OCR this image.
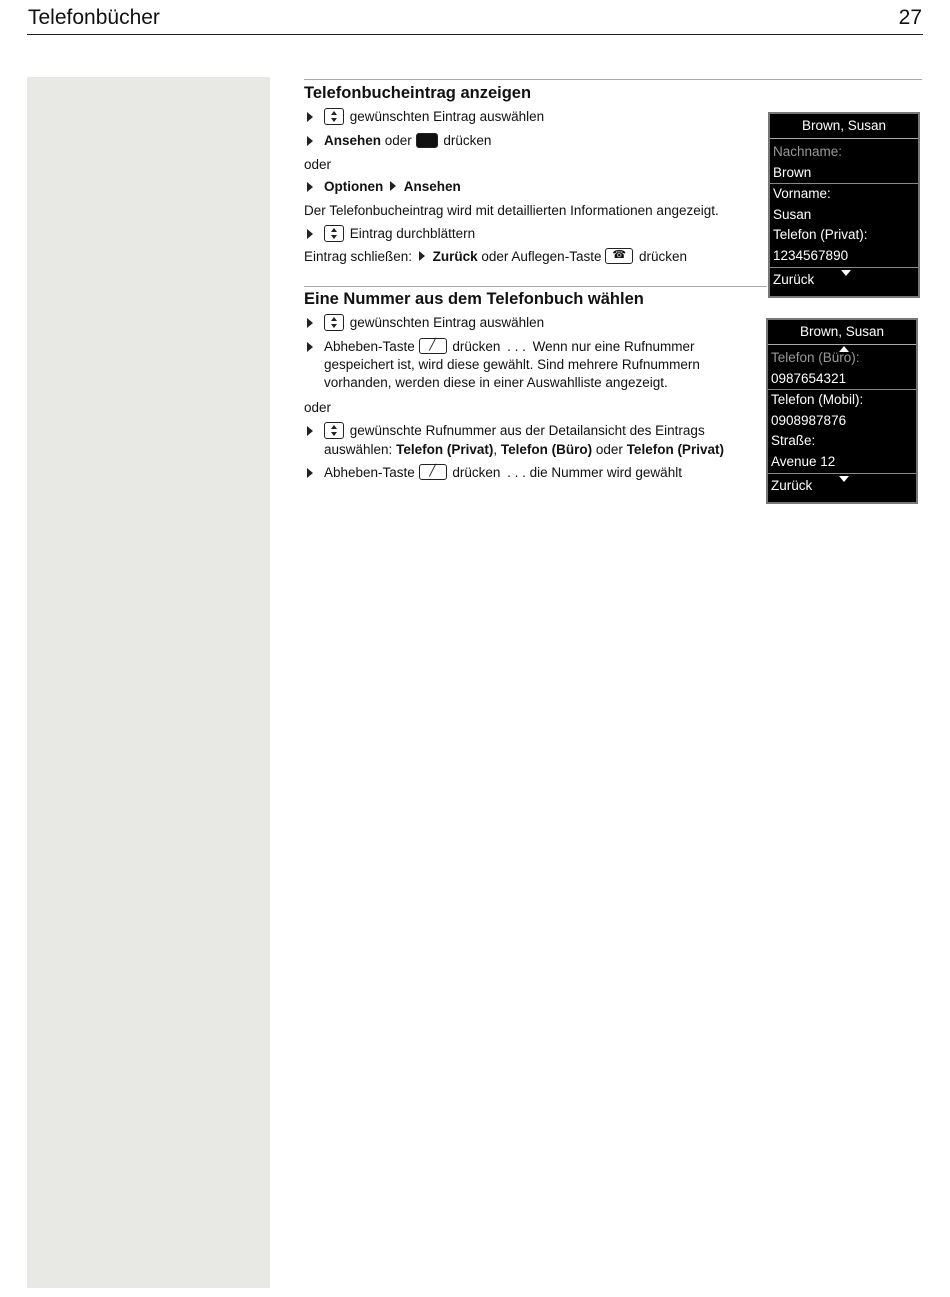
Telefonbücher	27
Telefonbucheintrag anzeigen
gewünschten Eintrag auswählen
Ansehen oder drücken
oder
Optionen Ansehen
Der Telefonbucheintrag wird mit detaillierten Informationen angezeigt.
Eintrag durchblättern
Eintrag schließen: Zurück oder Auflegen-Taste ☎ drücken
Brown, Susan
Nachname:
Brown
Vorname:
Susan
Telefon (Privat):
1234567890
Zurück
Eine Nummer aus dem Telefonbuch wählen
gewünschten Eintrag auswählen
Abheben-Taste	╱	drücken . . . Wenn nur eine Rufnummer gespeichert ist, wird diese gewählt. Sind mehrere Rufnummern vorhanden, werden diese in einer Auswahlliste angezeigt.
oder
gewünschte Rufnummer aus der Detailansicht des Eintrags auswählen: Telefon (Privat), Telefon (Büro) oder Telefon (Privat)
Abheben-Taste	╱	drücken . . . die Nummer wird gewählt
Brown, Susan
Telefon (Büro):
0987654321
Telefon (Mobil):
0908987876
Straße:
Avenue 12
Zurück
